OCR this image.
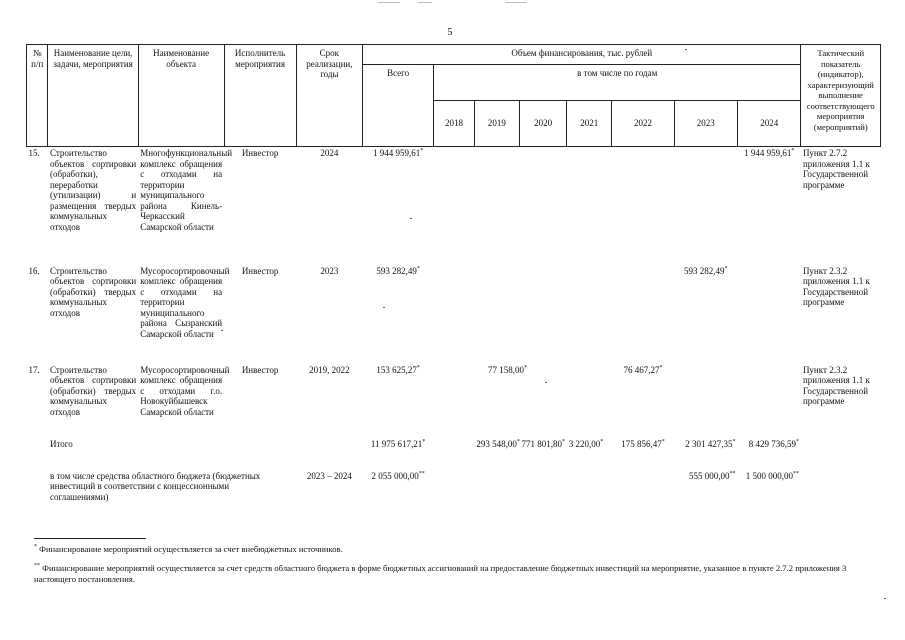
5
№ п/п	Наименование цели, задачи, мероприятия	Наименование объекта	Исполнитель мероприятия	Срок реализации, годы	Объем финансирования, тыс. рублей								Тактический показатель (индикатор), характеризующий выполнение соответствующего мероприятия (мероприятий)
					Всего	в том числе по годам							
						2018	2019	2020	2021	2022	2023	2024	
15.	Строительство объектов сортировки (обработки), переработки (утилизации) и размещения твердых коммунальных отходов	Многофункциональный комплекс обращения с отходами на территории муниципального района Кинель-Черкасский Самарской области	Инвестор	2024	1 944 959,61*							1 944 959,61*	Пункт 2.7.2 приложения 1.1 к Государственной программе
16.	Строительство объектов сортировки (обработки) твердых коммунальных отходов	Мусоросортировочный комплекс обращения с отходами на территории муниципального района Сызранский Самарской области	Инвестор	2023	593 282,49*						593 282,49*		Пункт 2.3.2 приложения 1.1 к Государственной программе
17.	Строительство объектов сортировки (обработки) твердых коммунальных отходов	Мусоросортировочный комплекс обращения с отходами г.о. Новокуйбышевск Самарской области	Инвестор	2019, 2022	153 625,27*		77 158,00*			76 467,27*			Пункт 2.3.2 приложения 1.1 к Государственной программе
	Итого				11 975 617,21*		293 548,00*	771 801,80*	3 220,00*	175 856,47*	2 301 427,35*	8 429 736,59*	
	в том числе средства областного бюджета (бюджетных инвестиций в соответствии с концессионными соглашениями)			2023 – 2024	2 055 000,00**						555 000,00**	1 500 000,00**	
* Финансирование мероприятий осуществляется за счет внебюджетных источников.
** Финансирование мероприятий осуществляется за счет средств областного бюджета в форме бюджетных ассигнований на предоставление бюджетных инвестиций на мероприятие, указанное в пункте 2.7.2 приложения 3 настоящего постановления.
